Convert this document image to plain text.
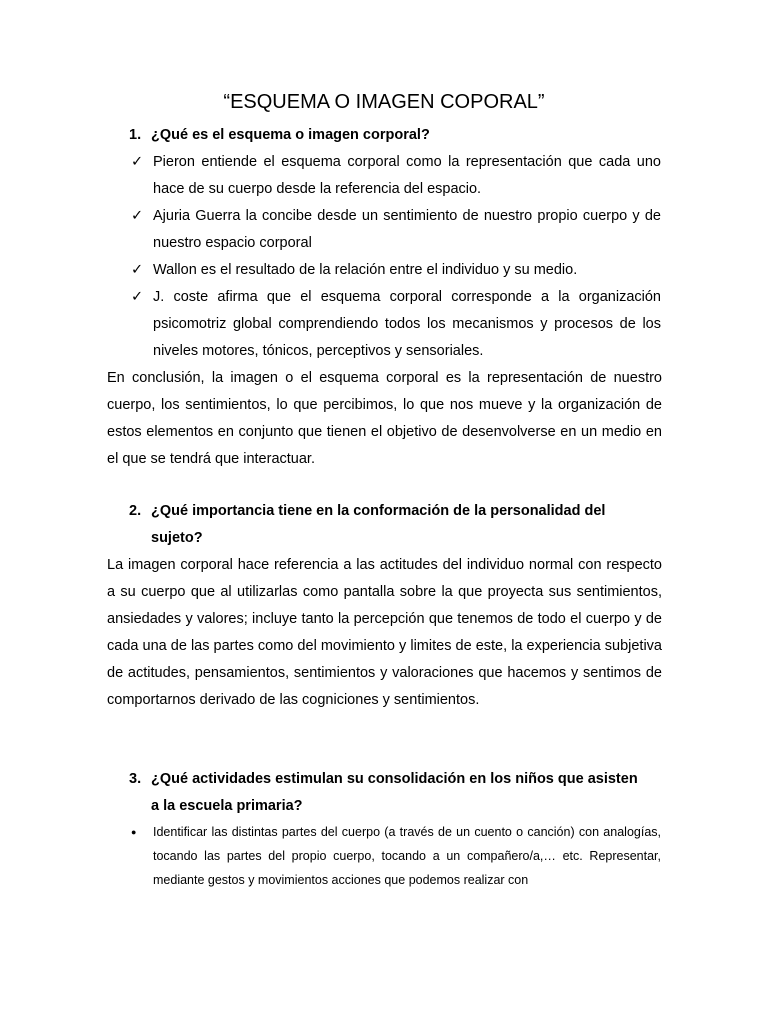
“ESQUEMA O IMAGEN COPORAL”
1. ¿Qué es el esquema o imagen corporal?
✓ Pieron entiende el esquema corporal como la representación que cada uno hace de su cuerpo desde la referencia del espacio.
✓ Ajuria Guerra la concibe desde un sentimiento de nuestro propio cuerpo y de nuestro espacio corporal
✓ Wallon es el resultado de la relación entre el individuo y su medio.
✓ J. coste afirma que el esquema corporal corresponde a la organización psicomotriz global comprendiendo todos los mecanismos y procesos de los niveles motores, tónicos, perceptivos y sensoriales.
En conclusión, la imagen o el esquema corporal es la representación de nuestro cuerpo, los sentimientos, lo que percibimos, lo que nos mueve y la organización de estos elementos en conjunto que tienen el objetivo de desenvolverse en un medio en el que se tendrá que interactuar.
2. ¿Qué importancia tiene en la conformación de la personalidad del
sujeto?
La imagen corporal hace referencia a las actitudes del individuo normal con respecto a su cuerpo que al utilizarlas como pantalla sobre la que proyecta sus sentimientos, ansiedades y valores; incluye tanto la percepción que tenemos de todo el cuerpo y de cada una de las partes como del movimiento y limites de este, la experiencia subjetiva de actitudes, pensamientos, sentimientos y valoraciones que hacemos y sentimos de comportarnos derivado de las cogniciones y sentimientos.
3. ¿Qué actividades estimulan su consolidación en los niños que asisten
a la escuela primaria?
●	Identificar las distintas partes del cuerpo (a través de un cuento o canción) con analogías, tocando las partes del propio cuerpo, tocando a un compañero/a,… etc. Representar, mediante gestos y movimientos acciones que podemos realizar con
